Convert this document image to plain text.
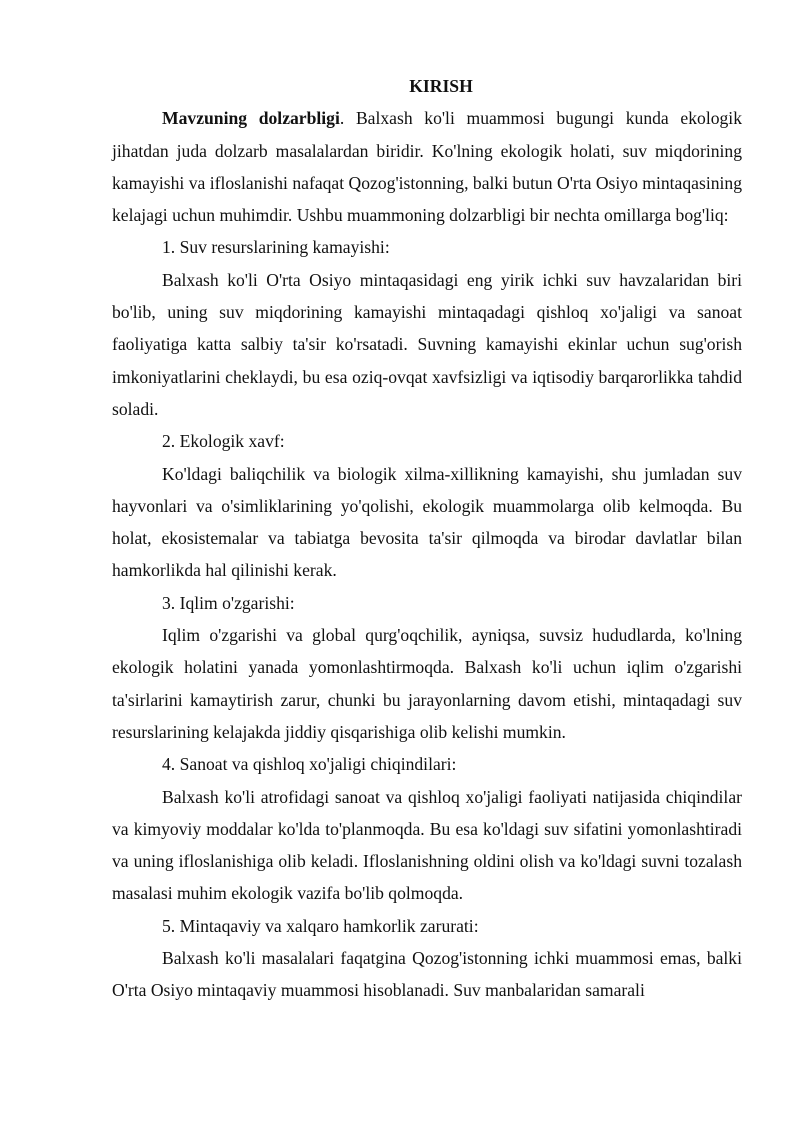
KIRISH

Mavzuning dolzarbligi. Balxash ko'li muammosi bugungi kunda ekologik jihatdan juda dolzarb masalalardan biridir. Ko'lning ekologik holati, suv miqdorining kamayishi va ifloslanishi nafaqat Qozog'istonning, balki butun O'rta Osiyo mintaqasining kelajagi uchun muhimdir. Ushbu muammoning dolzarbligi bir nechta omillarga bog'liq:

1. Suv resurslarining kamayishi:

Balxash ko'li O'rta Osiyo mintaqasidagi eng yirik ichki suv havzalaridan biri bo'lib, uning suv miqdorining kamayishi mintaqadagi qishloq xo'jaligi va sanoat faoliyatiga katta salbiy ta'sir ko'rsatadi. Suvning kamayishi ekinlar uchun sug'orish imkoniyatlarini cheklaydi, bu esa oziq-ovqat xavfsizligi va iqtisodiy barqarorlikka tahdid soladi.

2. Ekologik xavf:

Ko'ldagi baliqchilik va biologik xilma-xillikning kamayishi, shu jumladan suv hayvonlari va o'simliklarining yo'qolishi, ekologik muammolarga olib kelmoqda. Bu holat, ekosistemalar va tabiatga bevosita ta'sir qilmoqda va birodar davlatlar bilan hamkorlikda hal qilinishi kerak.

3. Iqlim o'zgarishi:

Iqlim o'zgarishi va global qurg'oqchilik, ayniqsa, suvsiz hududlarda, ko'lning ekologik holatini yanada yomonlashtirmoqda. Balxash ko'li uchun iqlim o'zgarishi ta'sirlarini kamaytirish zarur, chunki bu jarayonlarning davom etishi, mintaqadagi suv resurslarining kelajakda jiddiy qisqarishiga olib kelishi mumkin.

4. Sanoat va qishloq xo'jaligi chiqindilari:

Balxash ko'li atrofidagi sanoat va qishloq xo'jaligi faoliyati natijasida chiqindilar va kimyoviy moddalar ko'lda to'planmoqda. Bu esa ko'ldagi suv sifatini yomonlashtiradi va uning ifloslanishiga olib keladi. Ifloslanishning oldini olish va ko'ldagi suvni tozalash masalasi muhim ekologik vazifa bo'lib qolmoqda.

5. Mintaqaviy va xalqaro hamkorlik zarurati:

Balxash ko'li masalalari faqatgina Qozog'istonning ichki muammosi emas, balki O'rta Osiyo mintaqaviy muammosi hisoblanadi. Suv manbalaridan samarali
